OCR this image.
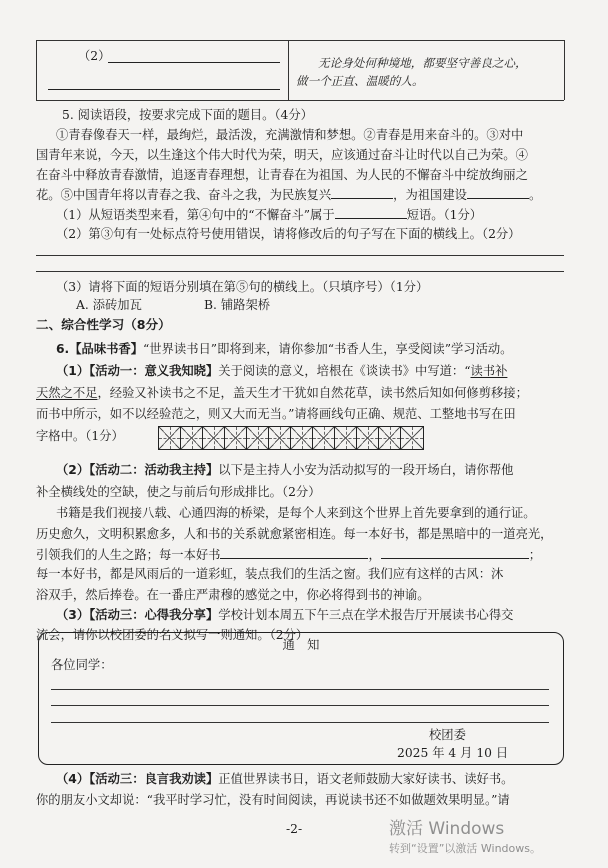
（2）	无论身处何种境地，都要坚守善良之心，
做一个正直、温暖的人。
5. 阅读语段，按要求完成下面的题目。（4分）
①青春像春天一样，最绚烂，最活泼，充满激情和梦想。②青春是用来奋斗的。③对中
国青年来说，今天，以生逢这个伟大时代为荣，明天，应该通过奋斗让时代以自己为荣。④
在奋斗中释放青春激情，追逐青春理想，让青春在为祖国、为人民的不懈奋斗中绽放绚丽之
花。⑤中国青年将以青春之我、奋斗之我，为民族复兴	，为祖国建设	。
（1）从短语类型来看，第④句中的“不懈奋斗”属于	短语。（1分）
（2）第③句有一处标点符号使用错误，请将修改后的句子写在下面的横线上。（2分）
（3）请将下面的短语分别填在第⑤句的横线上。（只填序号）（1分）
A. 添砖加瓦	B. 铺路架桥
二、综合性学习（8分）
6.【品味书香】“世界读书日”即将到来，请你参加“书香人生，享受阅读”学习活动。
（1）【活动一：意义我知晓】关于阅读的意义，培根在《谈读书》中写道：“读书补
天然之不足，经验又补读书之不足，盖天生才干犹如自然花草，读书然后知如何修剪移接；
而书中所示，如不以经验范之，则又大而无当。”请将画线句正确、规范、工整地书写在田
字格中。（1分）
（2）【活动二：活动我主持】以下是主持人小安为活动拟写的一段开场白，请你帮他
补全横线处的空缺，使之与前后句形成排比。（2分）
书籍是我们视接八载、心通四海的桥梁，是每个人来到这个世界上首先要拿到的通行证。
历史愈久，文明积累愈多，人和书的关系就愈紧密相连。每一本好书，都是黑暗中的一道亮光，
引领我们的人生之路；每一本好书	，	；
每一本好书，都是风雨后的一道彩虹，装点我们的生活之窗。我们应有这样的古风：沐
浴双手，然后捧卷。在一番庄严肃穆的感觉之中，你必将得到书的神谕。
（3）【活动三：心得我分享】学校计划本周五下午三点在学术报告厅开展读书心得交
流会，请你以校团委的名义拟写一则通知。（2分）
通　知
各位同学：
校团委
2025 年 4 月 10 日
（4）【活动三：良言我劝读】正值世界读书日，语文老师鼓励大家好读书、读好书。
你的朋友小文却说：“我平时学习忙，没有时间阅读，再说读书还不如做题效果明显。”请
-2-	激活 Windows
转到“设置”以激活 Windows。
